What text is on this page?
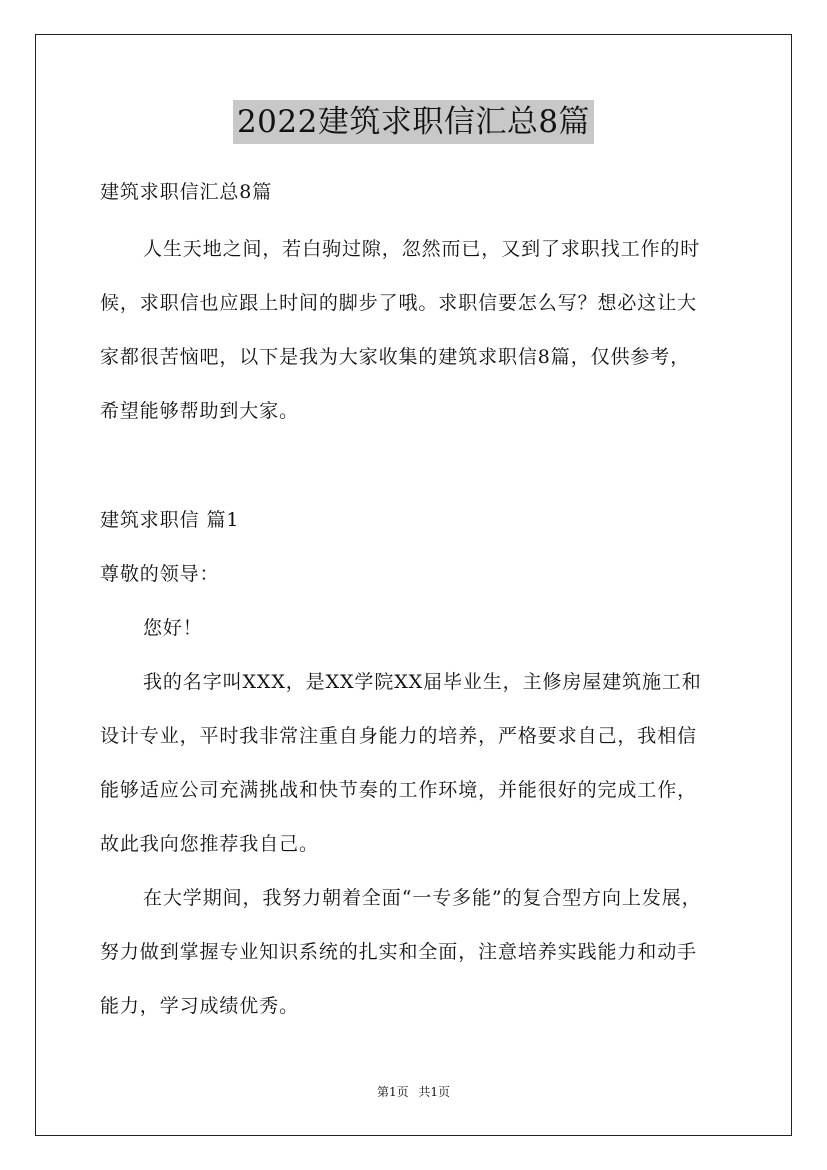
2022建筑求职信汇总8篇
建筑求职信汇总8篇
人生天地之间，若白驹过隙，忽然而已，又到了求职找工作的时
候，求职信也应跟上时间的脚步了哦。求职信要怎么写？想必这让大
家都很苦恼吧，以下是我为大家收集的建筑求职信8篇，仅供参考，
希望能够帮助到大家。
建筑求职信 篇1
尊敬的领导：
您好！
我的名字叫XXX，是XX学院XX届毕业生，主修房屋建筑施工和
设计专业，平时我非常注重自身能力的培养，严格要求自己，我相信
能够适应公司充满挑战和快节奏的工作环境，并能很好的完成工作，
故此我向您推荐我自己。
在大学期间，我努力朝着全面“一专多能”的复合型方向上发展，
努力做到掌握专业知识系统的扎实和全面，注意培养实践能力和动手
能力，学习成绩优秀。
第1页 共1页
